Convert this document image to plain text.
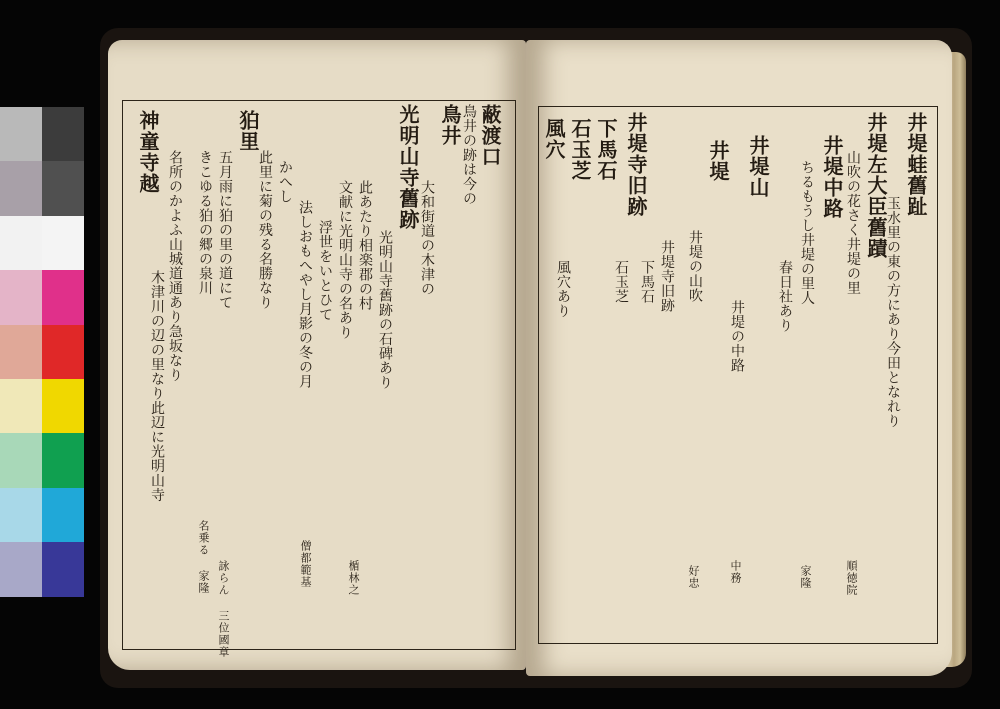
井堤蛙舊趾
玉水里の東の方にあり今田となれり
井堤左大臣舊蹟
山吹の花さく井堤の里
順徳院
井堤中路
ちるもうし井堤の里人
家隆
春日社あり
井堤山
井堤の中路
中務
井堤
井堤の山吹
好忠
井堤寺旧跡
下馬石
石玉芝
風穴
井堤寺旧跡
下馬石
石玉芝
風穴あり
蔽渡口
鳥井の跡は今の
鳥井
大和街道の木津の
光明山寺舊跡
光明山寺舊跡の石碑あり
此あたり相楽郡の村
文献に光明山寺の名あり
浮世をいとひて
法しおもへやし月影の冬の月
僧都範基
かへし
楯林之
狛里
五月雨に狛の里の道にて
詠らん 三位國章
きこゆる狛の郷の泉川
名乗る 家隆
神童寺越 名所のかよふ山城道通あり急坂なり
木津川の辺の里なり此辺に光明山寺
此里に菊の残る名勝なり
